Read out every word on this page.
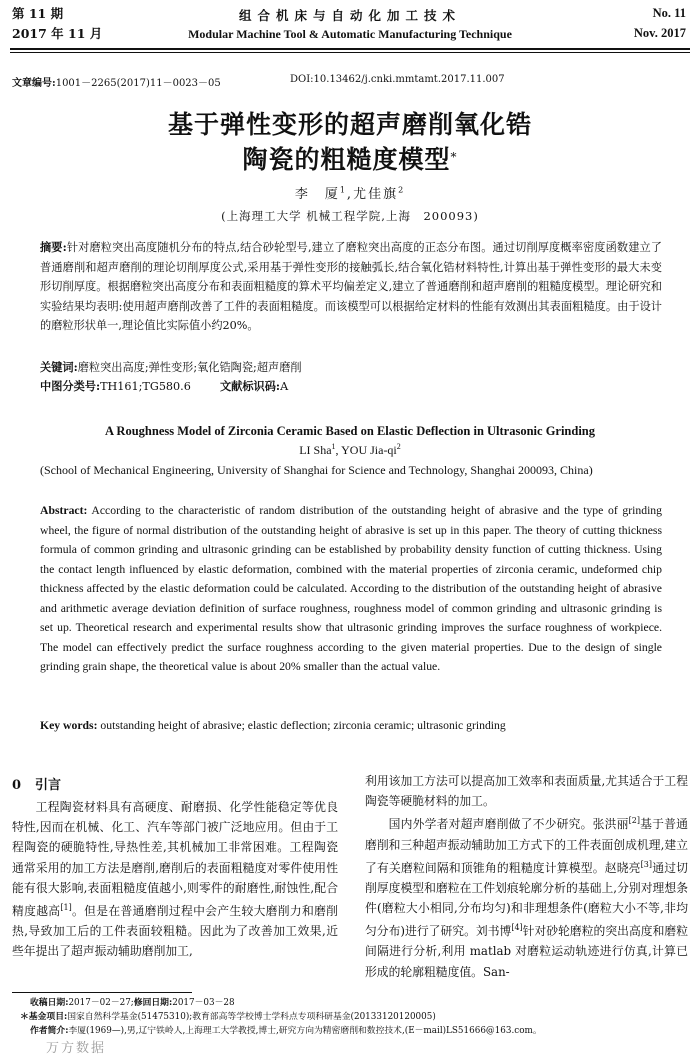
第 11 期
2017 年 11 月
组合机床与自动化加工技术
Modular Machine Tool & Automatic Manufacturing Technique
No. 11
Nov. 2017
文章编号:1001－2265(2017)11－0023－05	DOI:10.13462/j.cnki.mmtamt.2017.11.007
基于弹性变形的超声磨削氧化锆
陶瓷的粗糙度模型*
李　厦$^1$,尤佳旗$^2$
(上海理工大学 机械工程学院,上海　200093)
摘要:针对磨粒突出高度随机分布的特点,结合砂轮型号,建立了磨粒突出高度的正态分布图。通过切削厚度概率密度函数建立了普通磨削和超声磨削的理论切削厚度公式,采用基于弹性变形的接触弧长,结合氧化锆材料特性,计算出基于弹性变形的最大未变形切削厚度。根据磨粒突出高度分布和表面粗糙度的算术平均偏差定义,建立了普通磨削和超声磨削的粗糙度模型。理论研究和实验结果均表明:使用超声磨削改善了工件的表面粗糙度。而该模型可以根据给定材料的性能有效测出其表面粗糙度。由于设计的磨粒形状单一,理论值比实际值小约20%。
关键词:磨粒突出高度;弹性变形;氧化锆陶瓷;超声磨削
中图分类号:TH161;TG580.6	文献标识码:A
A Roughness Model of Zirconia Ceramic Based on Elastic Deflection in Ultrasonic Grinding
LI Sha$^1$, YOU Jia-$qi^2$
(School of Mechanical Engineering, University of Shanghai for Science and Technology, Shanghai 200093, China)
Abstract: According to the characteristic of random distribution of the outstanding height of abrasive and the type of grinding wheel, the figure of normal distribution of the outstanding height of abrasive is set up in this paper. The theory of cutting thickness formula of common grinding and ultrasonic grinding can be established by probability density function of cutting thickness. Using the contact length influenced by elastic deformation, combined with the material properties of zirconia ceramic, undeformed chip thickness affected by the elastic deformation could be calculated. According to the distribution of the outstanding height of abrasive and arithmetic average deviation definition of surface roughness, roughness model of common grinding and ultrasonic grinding is set up. Theoretical research and experimental results show that ultrasonic grinding improves the surface roughness of workpiece. The model can effectively predict the surface roughness according to the given material properties. Due to the design of single grinding grain shape, the theoretical value is about 20% smaller than the actual value.
Key words: outstanding height of abrasive; elastic deflection; zirconia ceramic; ultrasonic grinding
0 引言

工程陶瓷材料具有高硬度、耐磨损、化学性能稳定等优良特性,因而在机械、化工、汽车等部门被广泛地应用。但由于工程陶瓷的硬脆特性,导热性差,其机械加工非常困难。工程陶瓷通常采用的加工方法是磨削,磨削后的表面粗糙度对零件使用性能有很大影响,表面粗糙度值越小,则零件的耐磨性,耐蚀性,配合精度越高[1]。但是在普通磨削过程中会产生较大磨削力和磨削热,导致加工后的工件表面较粗糙。因此为了改善加工效果,近些年提出了超声振动辅助磨削加工,

利用该加工方法可以提高加工效率和表面质量,尤其适合于工程陶瓷等硬脆材料的加工。

国内外学者对超声磨削做了不少研究。张洪丽[2]基于普通磨削和三种超声振动辅助加工方式下的工件表面创成机理,建立了有关磨粒间隔和顶锥角的粗糙度计算模型。赵晓亮[3]通过切削厚度模型和磨粒在工件划痕轮廓分析的基础上,分别对理想条件(磨粒大小相同,分布均匀)和非理想条件(磨粒大小不等,非均匀分布)进行了研究。刘书博[4]针对砂轮磨粒的突出高度和磨粒间隔进行分析,利用 matlab 对磨粒运动轨迹进行仿真,计算已形成的轮廓粗糙度值。San-

收稿日期:2017－02－27;修回日期:2017－03－28
＊基金项目:国家自然科学基金(51475310);教育部高等学校博士学科点专项科研基金(20133120120005)
作者简介:李厦(1969—),男,辽宁铁岭人,上海理工大学教授,博士,研究方向为精密磨削和数控技术,(E－mail)LS51666@163.com。
万方数据
